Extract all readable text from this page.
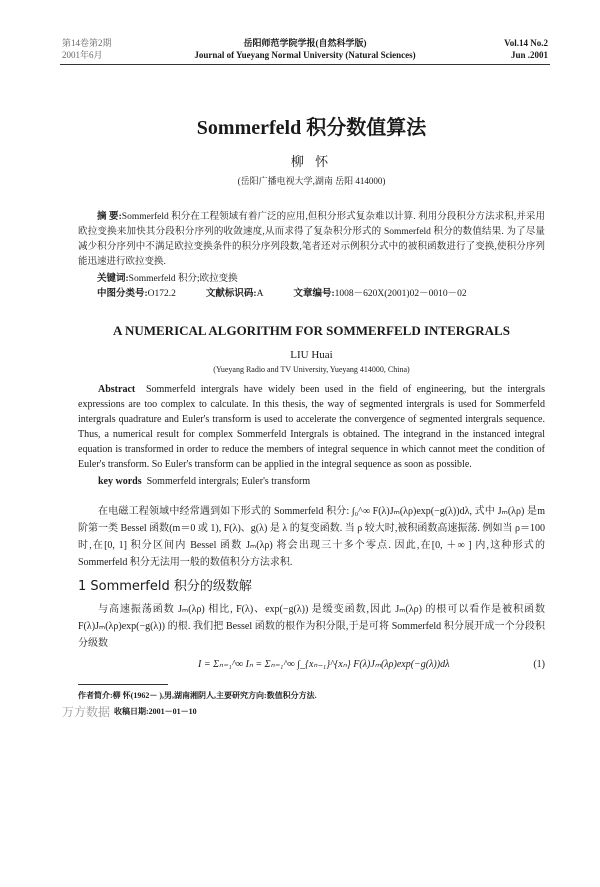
第14卷第2期
2001年6月
岳阳师范学院学报(自然科学版)
Journal of Yueyang Normal University (Natural Sciences)
Vol.14 No.2
Jun .2001
Sommerfeld 积分数值算法
柳 怀
(岳阳广播电视大学,湖南 岳阳 414000)
摘 要:Sommerfeld 积分在工程领域有着广泛的应用,但积分形式复杂难以计算. 利用分段积分方法求积,并采用欧拉变换来加快其分段积分序列的收敛速度,从而求得了复杂积分形式的 Sommerfeld 积分的数值结果. 为了尽量减少积分序列中不满足欧拉变换条件的积分序列段数,笔者还对示例积分式中的被积函数进行了变换,使积分序列能迅速进行欧拉变换.
关键词:Sommerfeld 积分;欧拉变换
中图分类号:O172.2	文献标识码:A	文章编号:1008－620X(2001)02－0010－02
A NUMERICAL ALGORITHM FOR SOMMERFELD INTERGRALS
LIU Huai
(Yueyang Radio and TV University, Yueyang 414000, China)
Abstract Sommerfeld intergrals have widely been used in the field of engineering, but the intergrals expressions are too complex to calculate. In this thesis, the way of segmented intergrals is used for Sommerfeld intergrals quadrature and Euler's transform is used to accelerate the convergence of segmented intergrals sequence. Thus, a numerical result for complex Sommerfeld Intergrals is obtained. The integrand in the instanced integral equation is transformed in order to reduce the members of integral sequence in which cannot meet the condition of Euler's transform. So Euler's transform can be applied in the integral sequence as soon as possible.
key words Sommerfeld intergrals; Euler's transform
在电磁工程领域中经常遇到如下形式的 Sommerfeld 积分: ∫₀^∞ F(λ)Jₘ(λρ)exp(−g(λ))dλ, 式中 Jₘ(λρ) 是m 阶第一类 Bessel 函数(m＝0 或 1), F(λ)、g(λ) 是 λ 的复变函数. 当 ρ 较大时,被积函数高速振荡. 例如当 ρ＝100 时,在[0, 1] 积分区间内 Bessel 函数 Jₘ(λρ) 将会出现三十多个零点. 因此,在[0, ＋∞ ] 内,这种形式的 Sommerfeld 积分无法用一般的数值积分方法求积.
1 Sommerfeld 积分的级数解
与高速振荡函数 Jₘ(λρ) 相比, F(λ)、exp(−g(λ)) 是缓变函数,因此 Jₘ(λρ) 的根可以看作是被积函数 F(λ)Jₘ(λρ)exp(−g(λ)) 的根. 我们把 Bessel 函数的根作为积分限,于是可将 Sommerfeld 积分展开成一个分段积分级数
I = Σₙ₌₁^∞ Iₙ = Σₙ₌₁^∞ ∫_{xₙ₋₁}^{xₙ} F(λ)Jₘ(λρ)exp(−g(λ))dλ	(1)
作者简介:柳 怀(1962－ ),男,湖南湘阴人,主要研究方向:数值积分方法.
万方数据 收稿日期:2001－01－10
